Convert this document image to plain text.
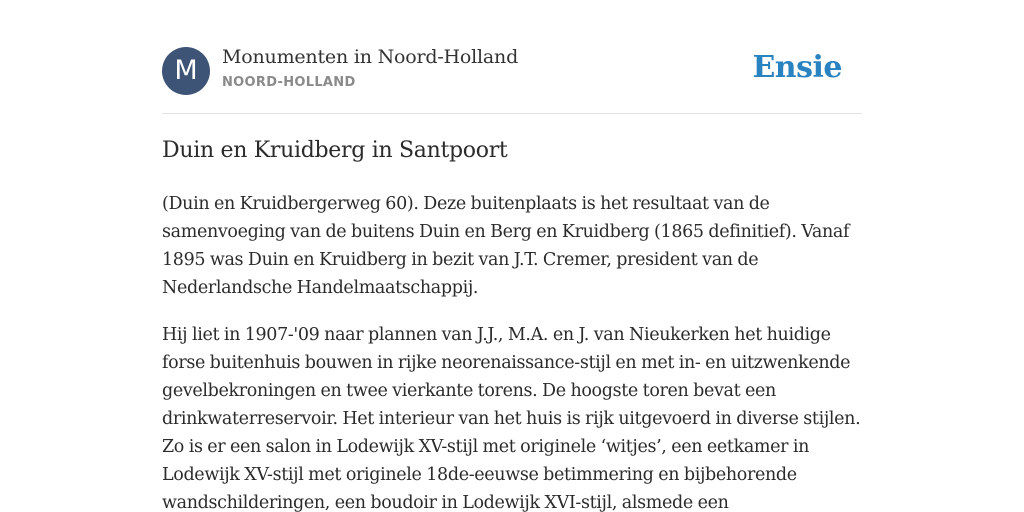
M	Monumenten in Noord-Holland
NOORD-HOLLAND	Ensie
Duin en Kruidberg in Santpoort

(Duin en Kruidbergerweg 60). Deze buitenplaats is het resultaat van de samenvoeging van de buitens Duin en Berg en Kruidberg (1865 definitief). Vanaf 1895 was Duin en Kruidberg in bezit van J.T. Cremer, president van de Nederlandsche Handelmaatschappij.

Hij liet in 1907-'09 naar plannen van J.J., M.A. en J. van Nieukerken het huidige forse buitenhuis bouwen in rijke neorenaissance-stijl en met in- en uitzwenkende gevelbekroningen en twee vierkante torens. De hoogste toren bevat een drinkwaterreservoir. Het interieur van het huis is rijk uitgevoerd in diverse stijlen. Zo is er een salon in Lodewijk XV-stijl met originele ‘witjes’, een eetkamer in Lodewijk XV-stijl met originele 18de-eeuwse betimmering en bijbehorende wandschilderingen, een boudoir in Lodewijk XVI-stijl, alsmede een
